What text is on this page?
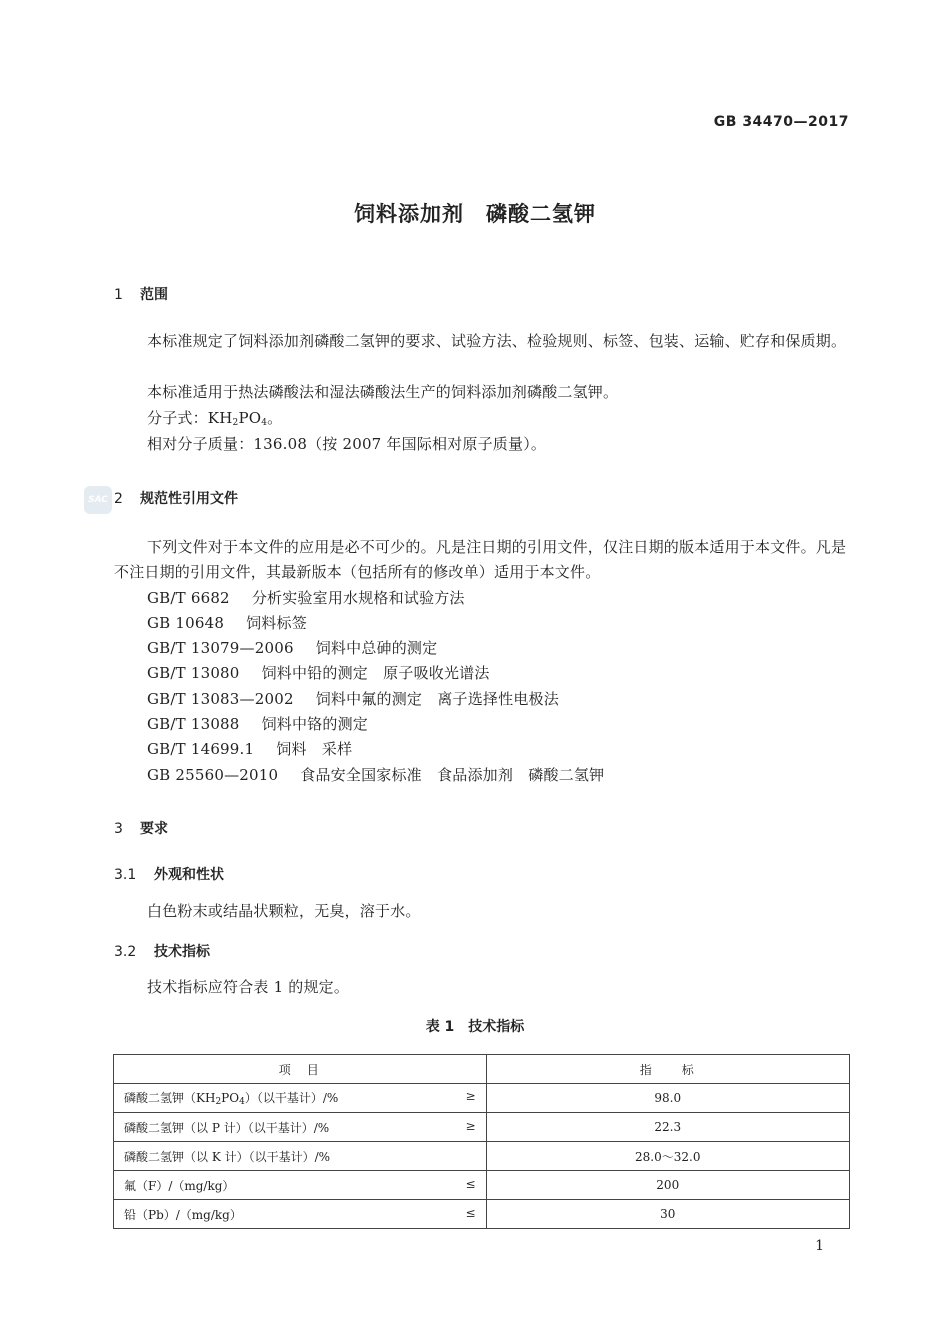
GB 34470—2017
饲料添加剂　磷酸二氢钾
1 范围
本标准规定了饲料添加剂磷酸二氢钾的要求、试验方法、检验规则、标签、包装、运输、贮存和保质期。
本标准适用于热法磷酸法和湿法磷酸法生产的饲料添加剂磷酸二氢钾。
分子式：$KH_2PO_4$。
相对分子质量：136.08（按 2007 年国际相对原子质量）。
SAC 2 规范性引用文件
下列文件对于本文件的应用是必不可少的。凡是注日期的引用文件，仅注日期的版本适用于本文件。凡是不注日期的引用文件，其最新版本（包括所有的修改单）适用于本文件。
GB/T 6682 分析实验室用水规格和试验方法
GB 10648 饲料标签
GB/T 13079—2006 饲料中总砷的测定
GB/T 13080 饲料中铅的测定　原子吸收光谱法
GB/T 13083—2002 饲料中氟的测定　离子选择性电极法
GB/T 13088 饲料中铬的测定
GB/T 14699.1 饲料　采样
GB 25560—2010 食品安全国家标准　食品添加剂　磷酸二氢钾
3 要求
3.1 外观和性状
白色粉末或结晶状颗粒，无臭，溶于水。
3.2 技术指标
技术指标应符合表 1 的规定。
表 1　技术指标
项　目	指　　标

磷酸二氢钾$(KH_2PO_4)$（以干基计）/% ≥	98.0

磷酸二氢钾（以 P 计）（以干基计）/% ≥	22.3

磷酸二氢钾（以 K 计）（以干基计）/%	28.0～32.0

氟（F）/（mg/kg） ≤	200

铅（Pb）/（mg/kg） ≤	30
1
